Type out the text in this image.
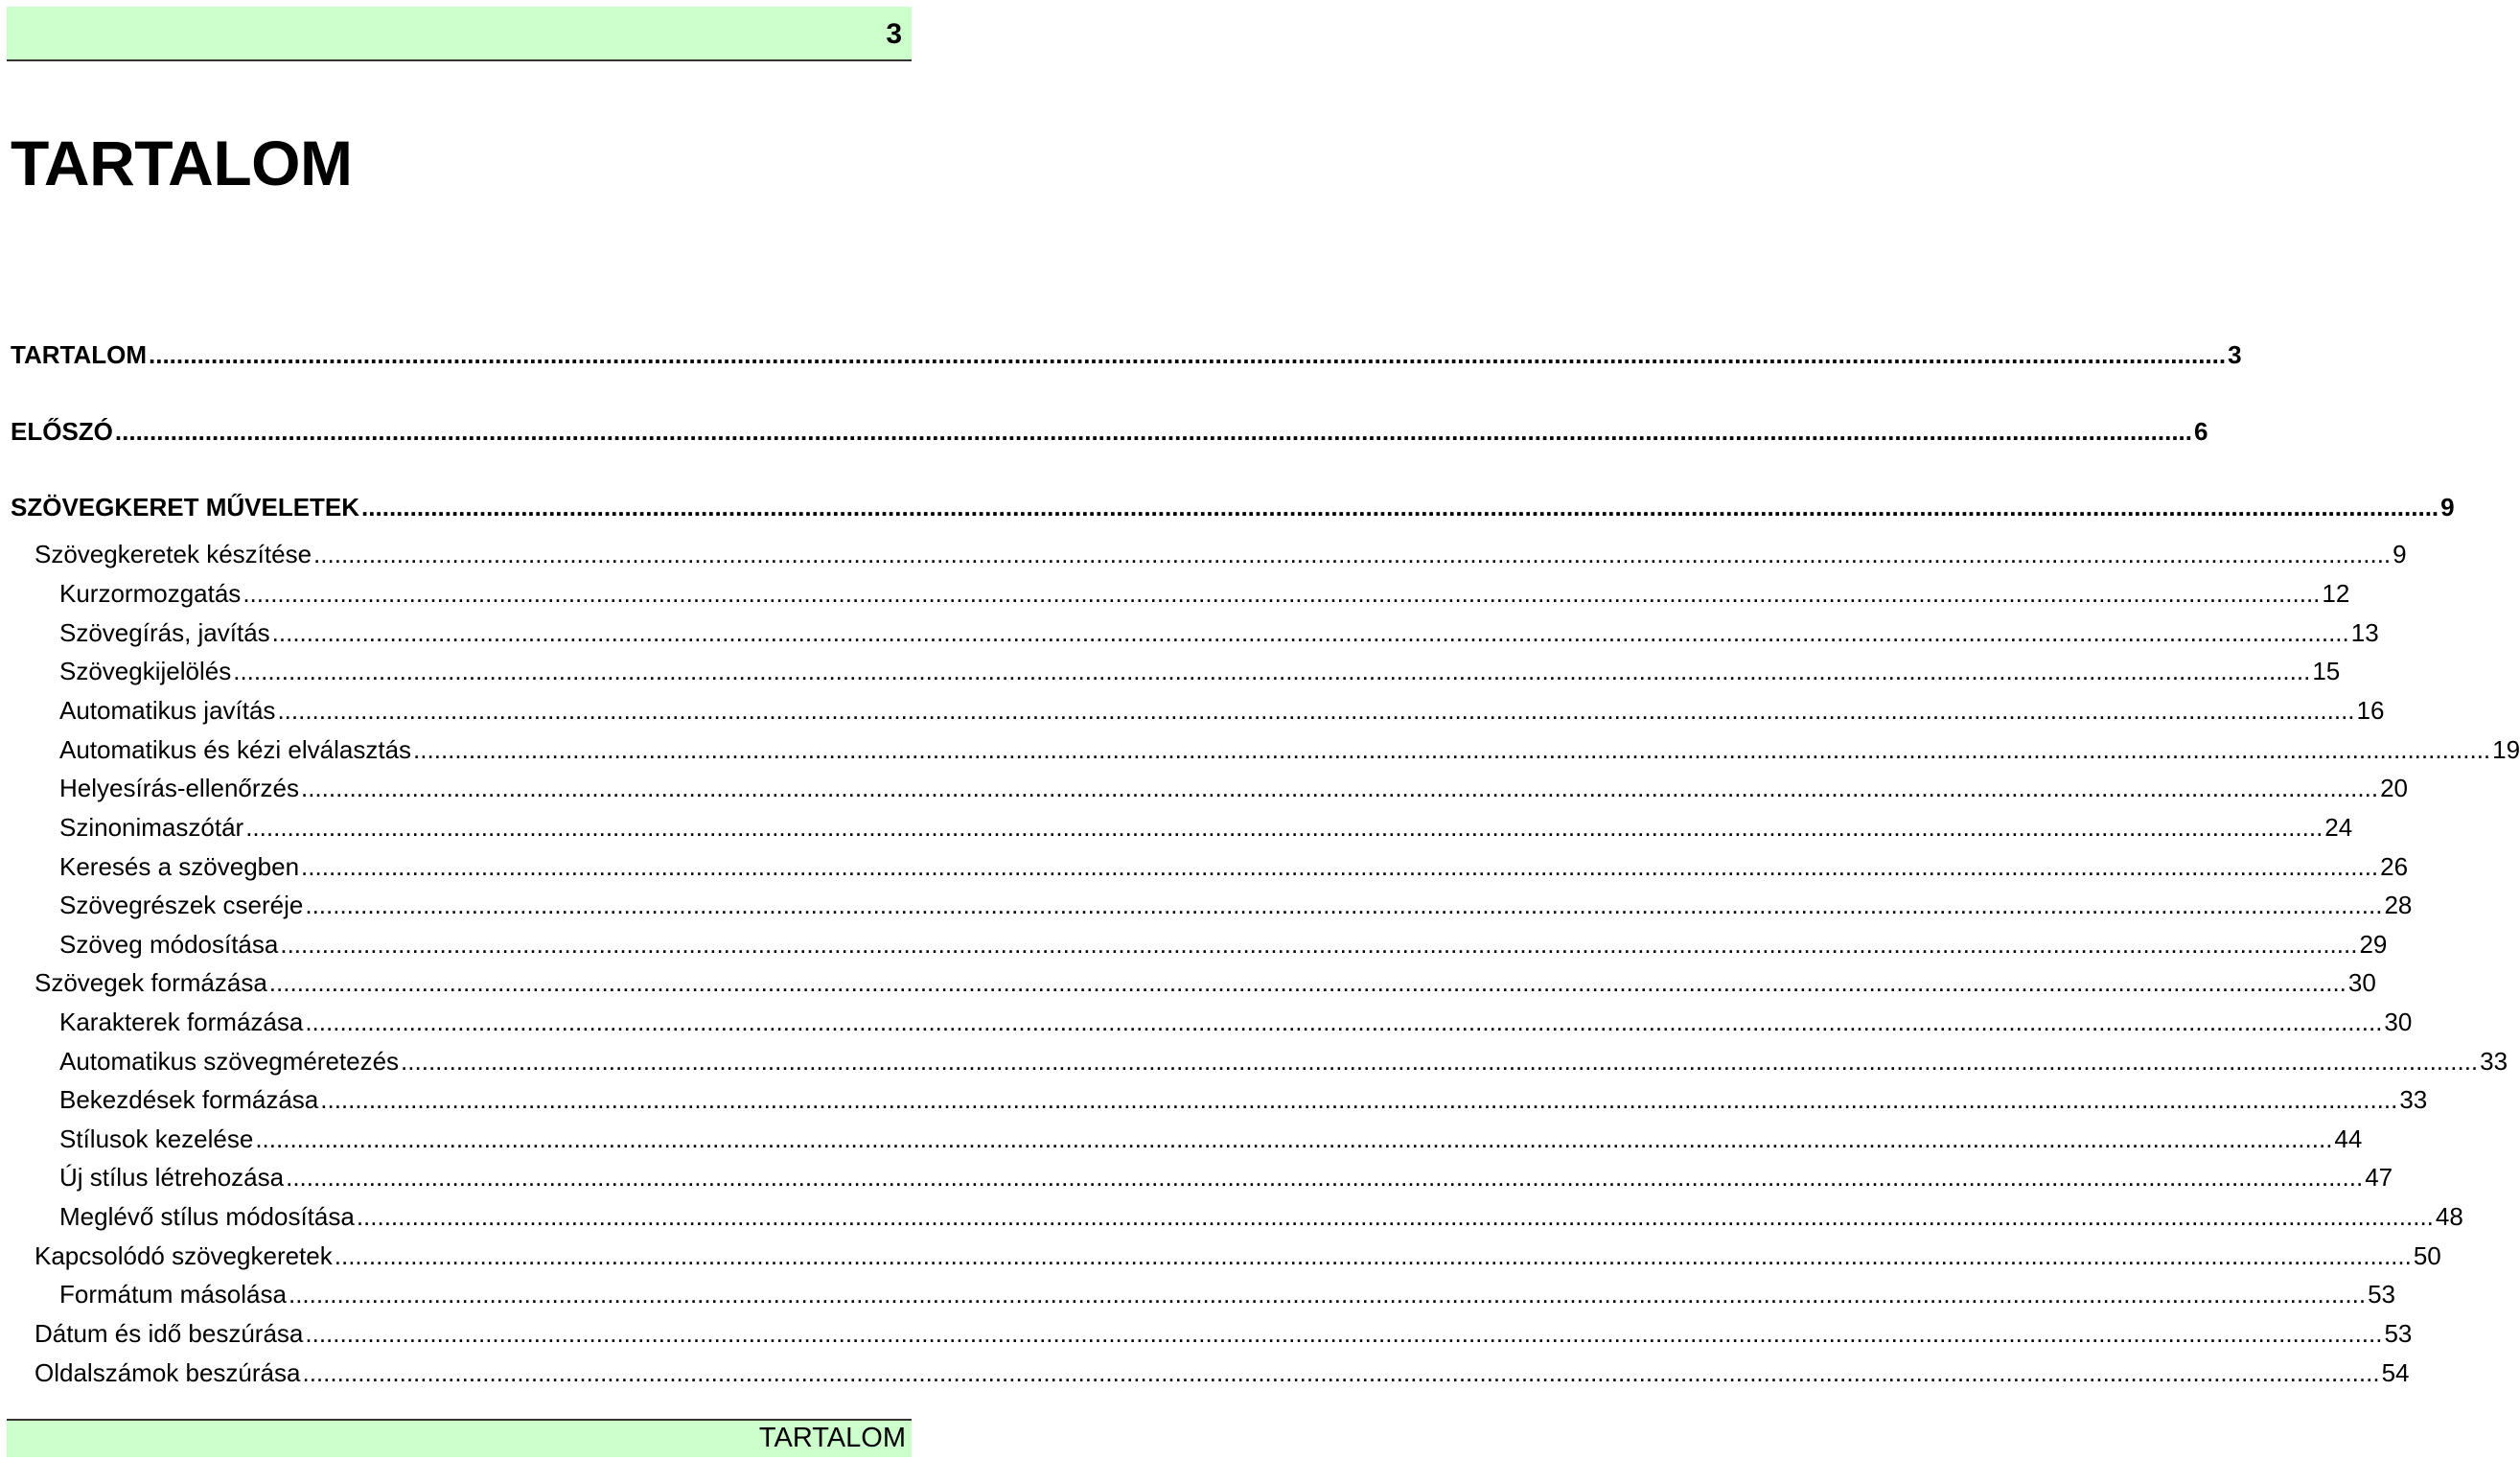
3
TARTALOM
TARTALOM ............................................................................................................................................................................................................................................................................................................ 3
ELŐSZÓ ............................................................................................................................................................................................................................................................................................................ 6
SZÖVEGKERET MŰVELETEK ............................................................................................................................................................................................................................................................................................................ 9
Szövegkeretek készítése ............................................................................................................................................................................................................................................................................................................ 9
Kurzormozgatás ............................................................................................................................................................................................................................................................................................................ 12
Szövegírás, javítás ............................................................................................................................................................................................................................................................................................................ 13
Szövegkijelölés ............................................................................................................................................................................................................................................................................................................ 15
Automatikus javítás ............................................................................................................................................................................................................................................................................................................ 16
Automatikus és kézi elválasztás ............................................................................................................................................................................................................................................................................................................ 19
Helyesírás-ellenőrzés ............................................................................................................................................................................................................................................................................................................ 20
Szinonimaszótár ............................................................................................................................................................................................................................................................................................................ 24
Keresés a szövegben ............................................................................................................................................................................................................................................................................................................ 26
Szövegrészek cseréje ............................................................................................................................................................................................................................................................................................................ 28
Szöveg módosítása ............................................................................................................................................................................................................................................................................................................ 29
Szövegek formázása ............................................................................................................................................................................................................................................................................................................ 30
Karakterek formázása ............................................................................................................................................................................................................................................................................................................ 30
Automatikus szövegméretezés ............................................................................................................................................................................................................................................................................................................ 33
Bekezdések formázása ............................................................................................................................................................................................................................................................................................................ 33
Stílusok kezelése ............................................................................................................................................................................................................................................................................................................ 44
Új stílus létrehozása ............................................................................................................................................................................................................................................................................................................ 47
Meglévő stílus módosítása ............................................................................................................................................................................................................................................................................................................ 48
Kapcsolódó szövegkeretek ............................................................................................................................................................................................................................................................................................................ 50
Formátum másolása ............................................................................................................................................................................................................................................................................................................ 53
Dátum és idő beszúrása ............................................................................................................................................................................................................................................................................................................ 53
Oldalszámok beszúrása ............................................................................................................................................................................................................................................................................................................ 54
TARTALOM
